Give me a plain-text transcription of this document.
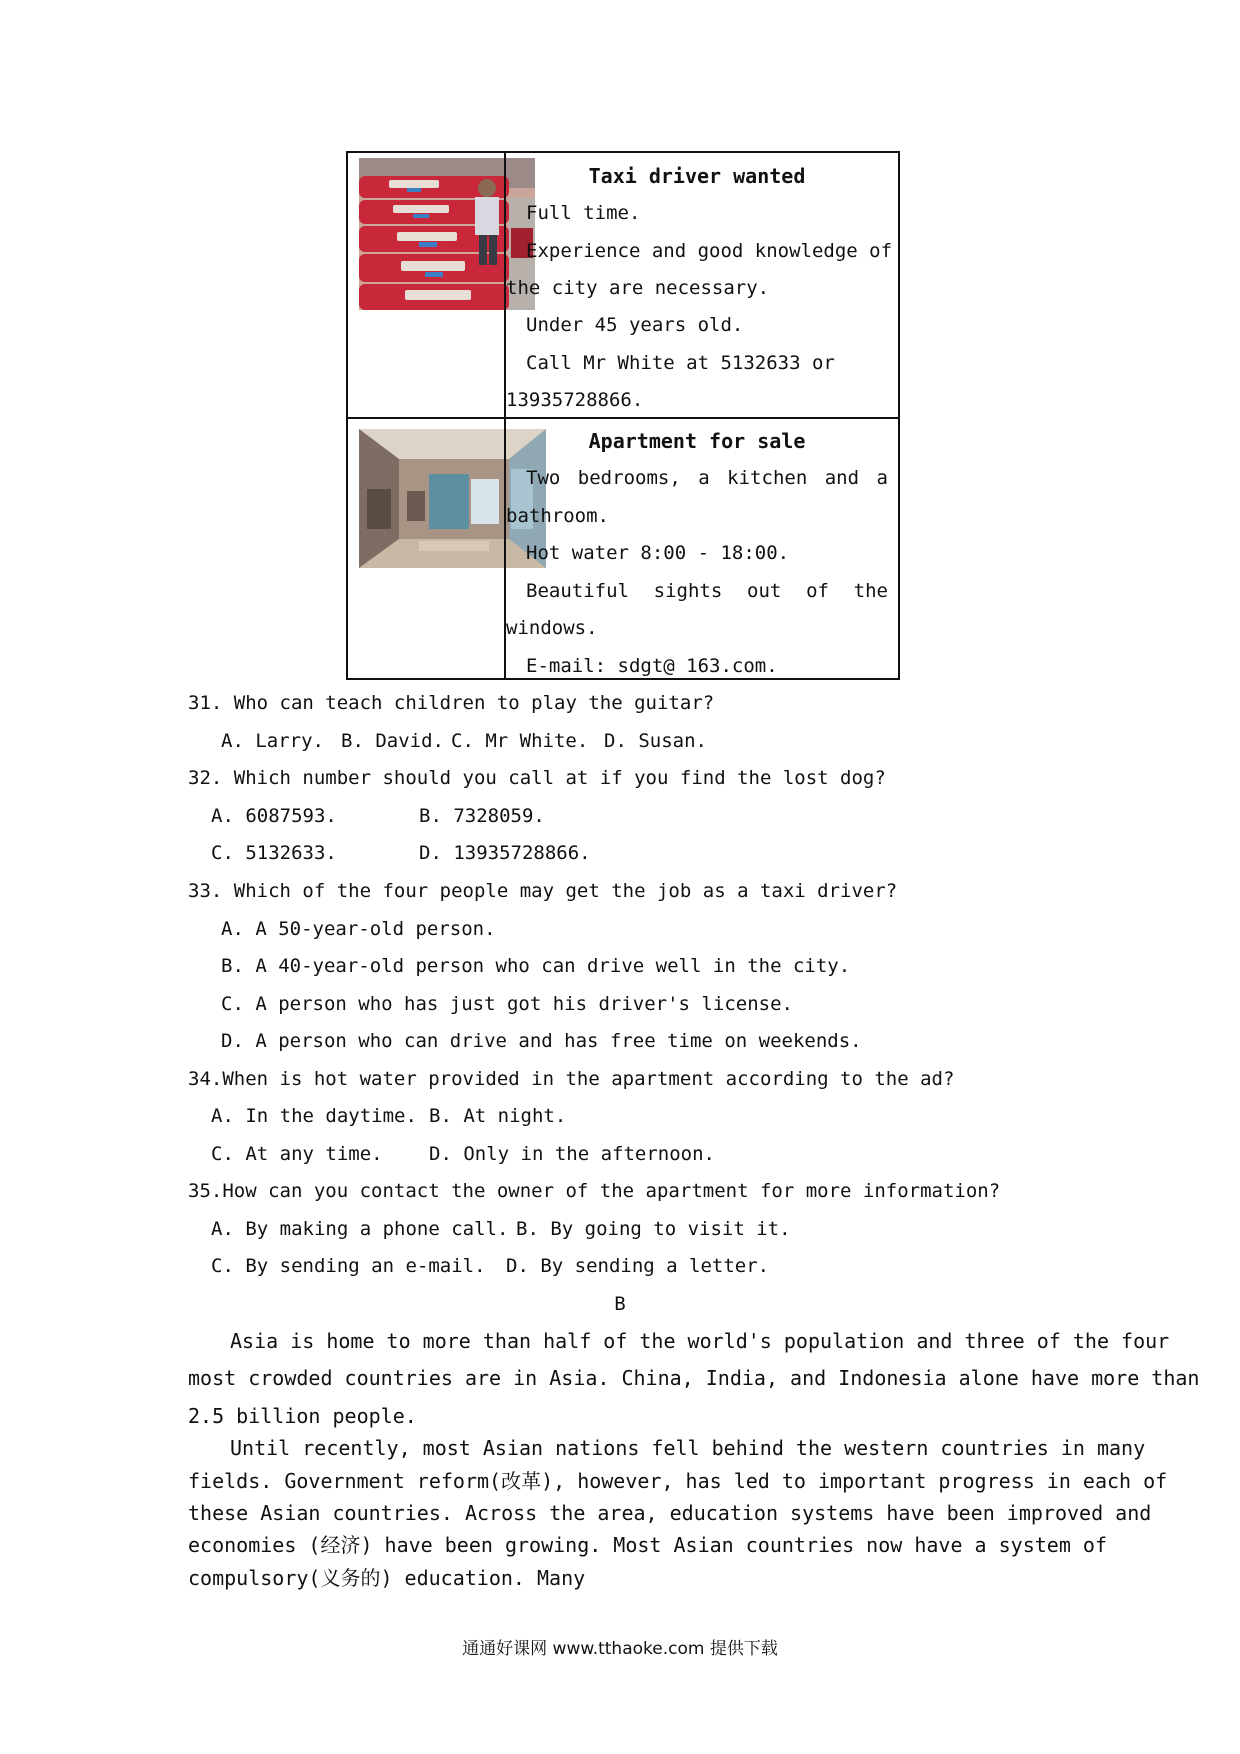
Taxi driver wanted
Full time.
Experience and good knowledge of
the city are necessary.
Under 45 years old.
Call Mr White at 5132633 or
13935728866.
Apartment for sale
Two bedrooms, a kitchen and a
bathroom.
Hot water 8:00 - 18:00.
Beautiful sights out of the
windows.
E-mail: sdgt@ 163.com.
31. Who can teach children to play the guitar?
A. Larry. B. David. C. Mr White. D. Susan.
32. Which number should you call at if you find the lost dog?
A. 6087593.	B. 7328059.
C. 5132633.	D. 13935728866.
33. Which of the four people may get the job as a taxi driver?
A. A 50-year-old person.
B. A 40-year-old person who can drive well in the city.
C. A person who has just got his driver's license.
D. A person who can drive and has free time on weekends.
34.When is hot water provided in the apartment according to the ad?
A. In the daytime. B. At night.
C. At any time. D. Only in the afternoon.
35.How can you contact the owner of the apartment for more information?
A. By making a phone call. B. By going to visit it.
C. By sending an e-mail. D. By sending a letter.
B
Asia is home to more than half of the world's population and three of the four
most crowded countries are in Asia. China, India, and Indonesia alone have more than
2.5 billion people.
Until recently, most Asian nations fell behind the western countries in many
fields. Government reform(改革), however, has led to important progress in each of
these Asian countries. Across the area, education systems have been improved and
economies (经济) have been growing. Most Asian countries now have a system of
compulsory(义务的) education. Many
通通好课网 www.tthaoke.com 提供下载
